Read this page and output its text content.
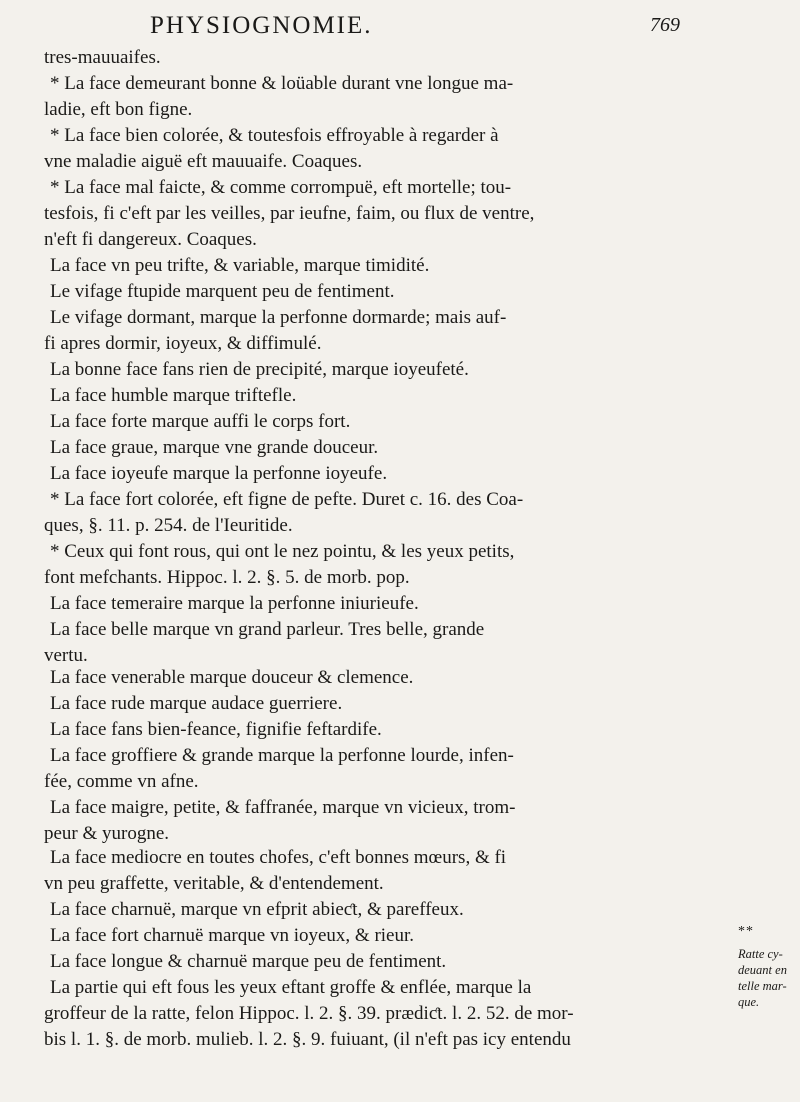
PHYSIOGNOMIE.	769
tres-mauuaifes.
* La face demeurant bonne & loüable durant vne longue ma-
ladie, eft bon figne.
* La face bien colorée, & toutesfois effroyable à regarder à
vne maladie aiguë eft mauuaife. Coaques.
* La face mal faicte, & comme corrompuë, eft mortelle; tou-
tesfois, fi c'eft par les veilles, par ieufne, faim, ou flux de ventre,
n'eft fi dangereux. Coaques.
La face vn peu trifte, & variable, marque timidité.
Le vifage ftupide marquent peu de fentiment.
Le vifage dormant, marque la perfonne dormarde; mais auf-
fi apres dormir, ioyeux, & diffimulé.
La bonne face fans rien de precipité, marque ioyeufeté.
La face humble marque triftefle.
La face forte marque auffi le corps fort.
La face graue, marque vne grande douceur.
La face ioyeufe marque la perfonne ioyeufe.
* La face fort colorée, eft figne de pefte. Duret c. 16. des Coa-
ques, §. 11. p. 254. de l'Ieuritide.
* Ceux qui font rous, qui ont le nez pointu, & les yeux petits,
font mefchants. Hippoc. l. 2. §. 5. de morb. pop.
La face temeraire marque la perfonne iniurieufe.
La face belle marque vn grand parleur. Tres belle, grande
vertu.
La face venerable marque douceur & clemence.
La face rude marque audace guerriere.
La face fans bien-feance, fignifie feftardife.
La face groffiere & grande marque la perfonne lourde, infen-
fée, comme vn afne.
La face maigre, petite, & faffranée, marque vn vicieux, trom-
peur & yurogne.
La face mediocre en toutes chofes, c'eft bonnes mœurs, & fi
vn peu graffette, veritable, & d'entendement.
La face charnuë, marque vn efprit abieƈt, & pareffeux.
La face fort charnuë marque vn ioyeux, & rieur.
La face longue & charnuë marque peu de fentiment.
La partie qui eft fous les yeux eftant groffe & enflée, marque la
groffeur de la ratte, felon Hippoc. l. 2. §. 39. prædiƈt. l. 2. 52. de mor-
bis l. 1. §. de morb. mulieb. l. 2. §. 9. fuiuant, (il n'eft pas icy entendu
**
Ratte cy-
deuant en
telle mar-
que.
